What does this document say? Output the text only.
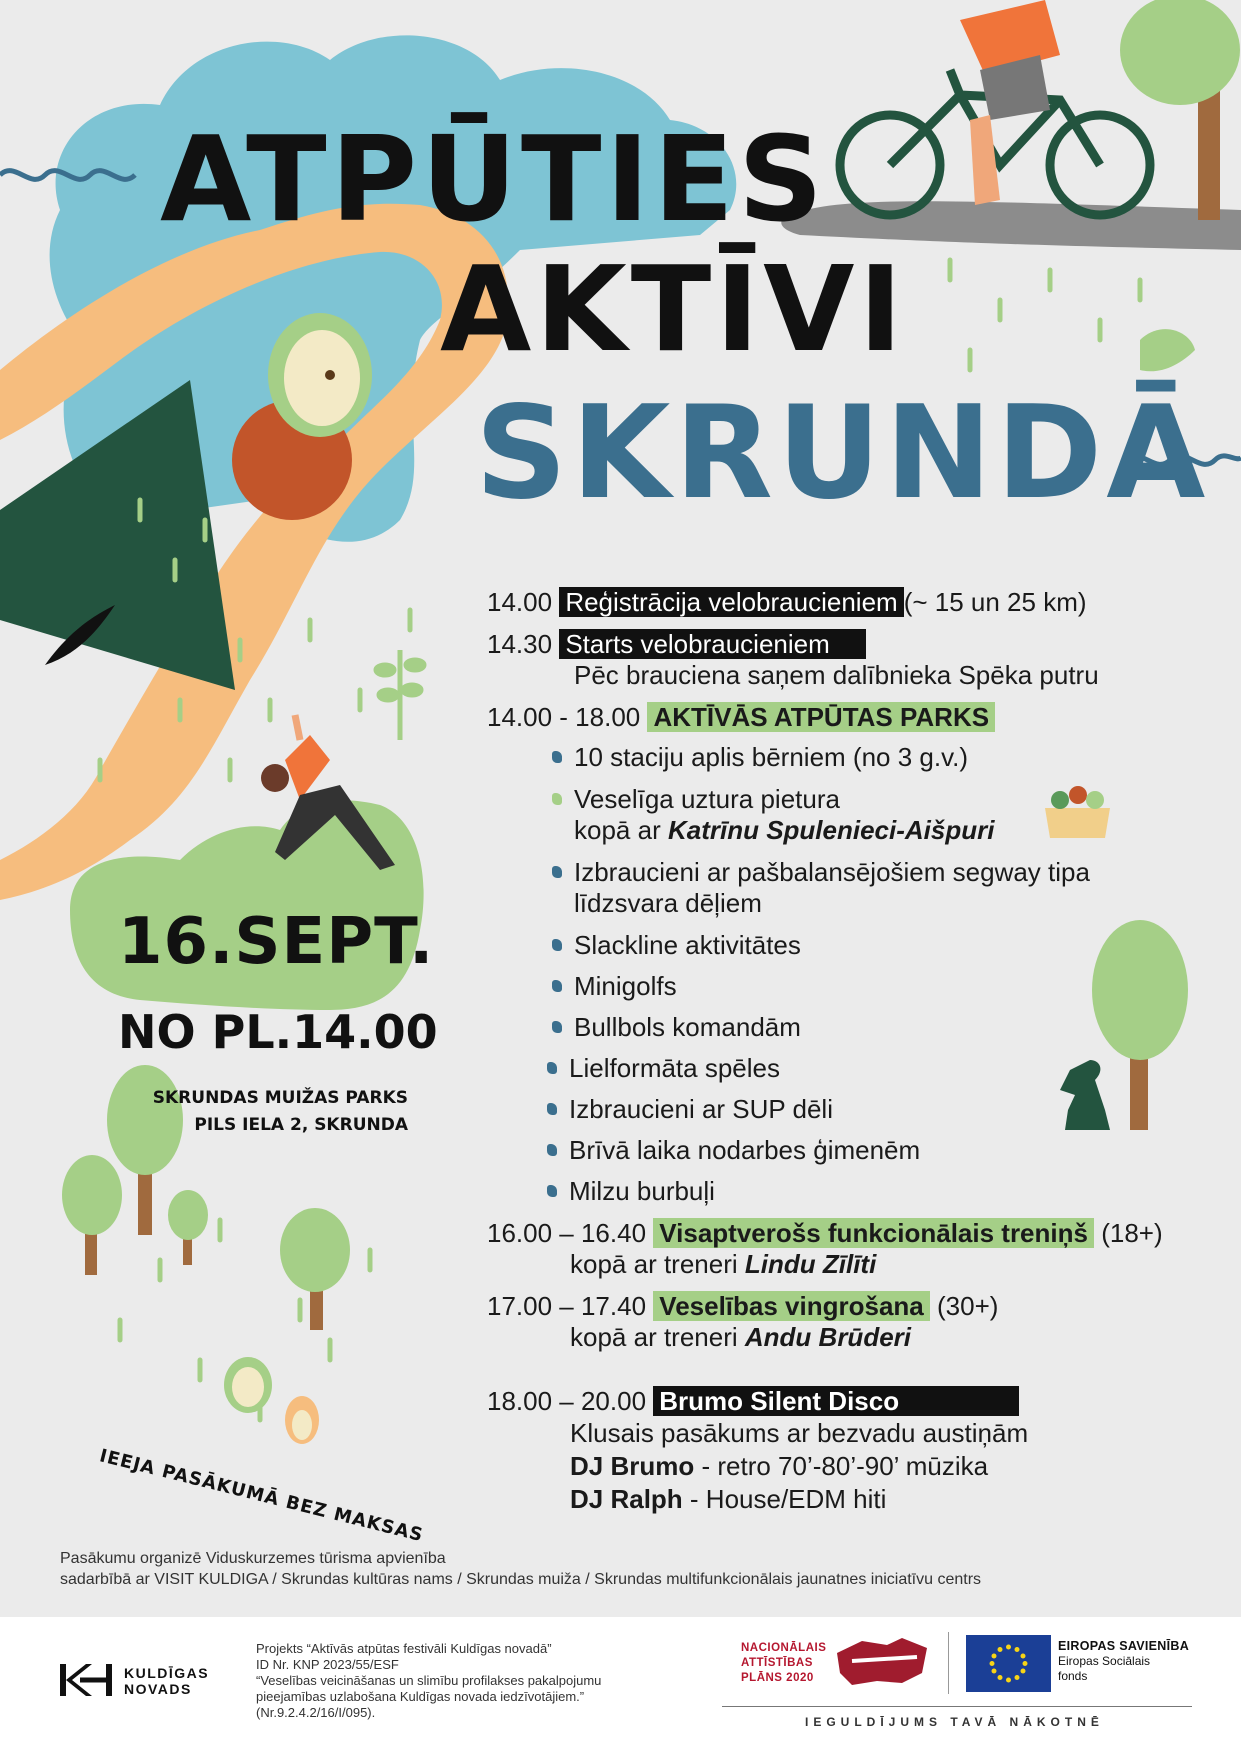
ATPŪTIES
AKTĪVI
SKRUNDĀ
16.SEPT.
NO PL.14.00
SKRUNDAS MUIŽAS PARKS
PILS IELA 2, SKRUNDA
IEEJA PASĀKUMĀ BEZ MAKSAS
14.00 Reģistrācija velobraucieniem (~ 15 un 25 km)
14.30 Starts velobraucieniem
Pēc brauciena saņem dalībnieka Spēka putru
14.00 - 18.00 AKTĪVĀS ATPŪTAS PARKS
10 staciju aplis bērniem (no 3 g.v.)
Veselīga uztura pietura
kopā ar Katrīnu Spulenieci-Aišpuri
Izbraucieni ar pašbalansējošiem segway tipa
līdzsvara dēļiem
Slackline aktivitātes
Minigolfs
Bullbols komandām
Lielformāta spēles
Izbraucieni ar SUP dēli
Brīvā laika nodarbes ģimenēm
Milzu burbuļi
16.00 – 16.40 Visaptverošs funkcionālais treniņš (18+)
kopā ar treneri Lindu Zīlīti
17.00 – 17.40 Veselības vingrošana (30+)
kopā ar treneri Andu Brūderi
18.00 – 20.00 Brumo Silent Disco
Klusais pasākums ar bezvadu austiņām
DJ Brumo - retro 70’-80’-90’ mūzika
DJ Ralph - House/EDM hiti
Pasākumu organizē Viduskurzemes tūrisma apvienība
sadarbībā ar VISIT KULDIGA / Skrundas kultūras nams / Skrundas muiža / Skrundas multifunkcionālais jaunatnes iniciatīvu centrs
KULDĪGAS
NOVADS
Projekts “Aktīvās atpūtas festivāli Kuldīgas novadā”
ID Nr. KNP 2023/55/ESF
“Veselības veicināšanas un slimību profilakses pakalpojumu
pieejamības uzlabošana Kuldīgas novada iedzīvotājiem.”
(Nr.9.2.4.2/16/I/095).
NACIONĀLAIS
ATTĪSTĪBAS
PLĀNS 2020
EIROPAS SAVIENĪBA
Eiropas Sociālais
fonds
IEGULDĪJUMS TAVĀ NĀKOTNĒ
